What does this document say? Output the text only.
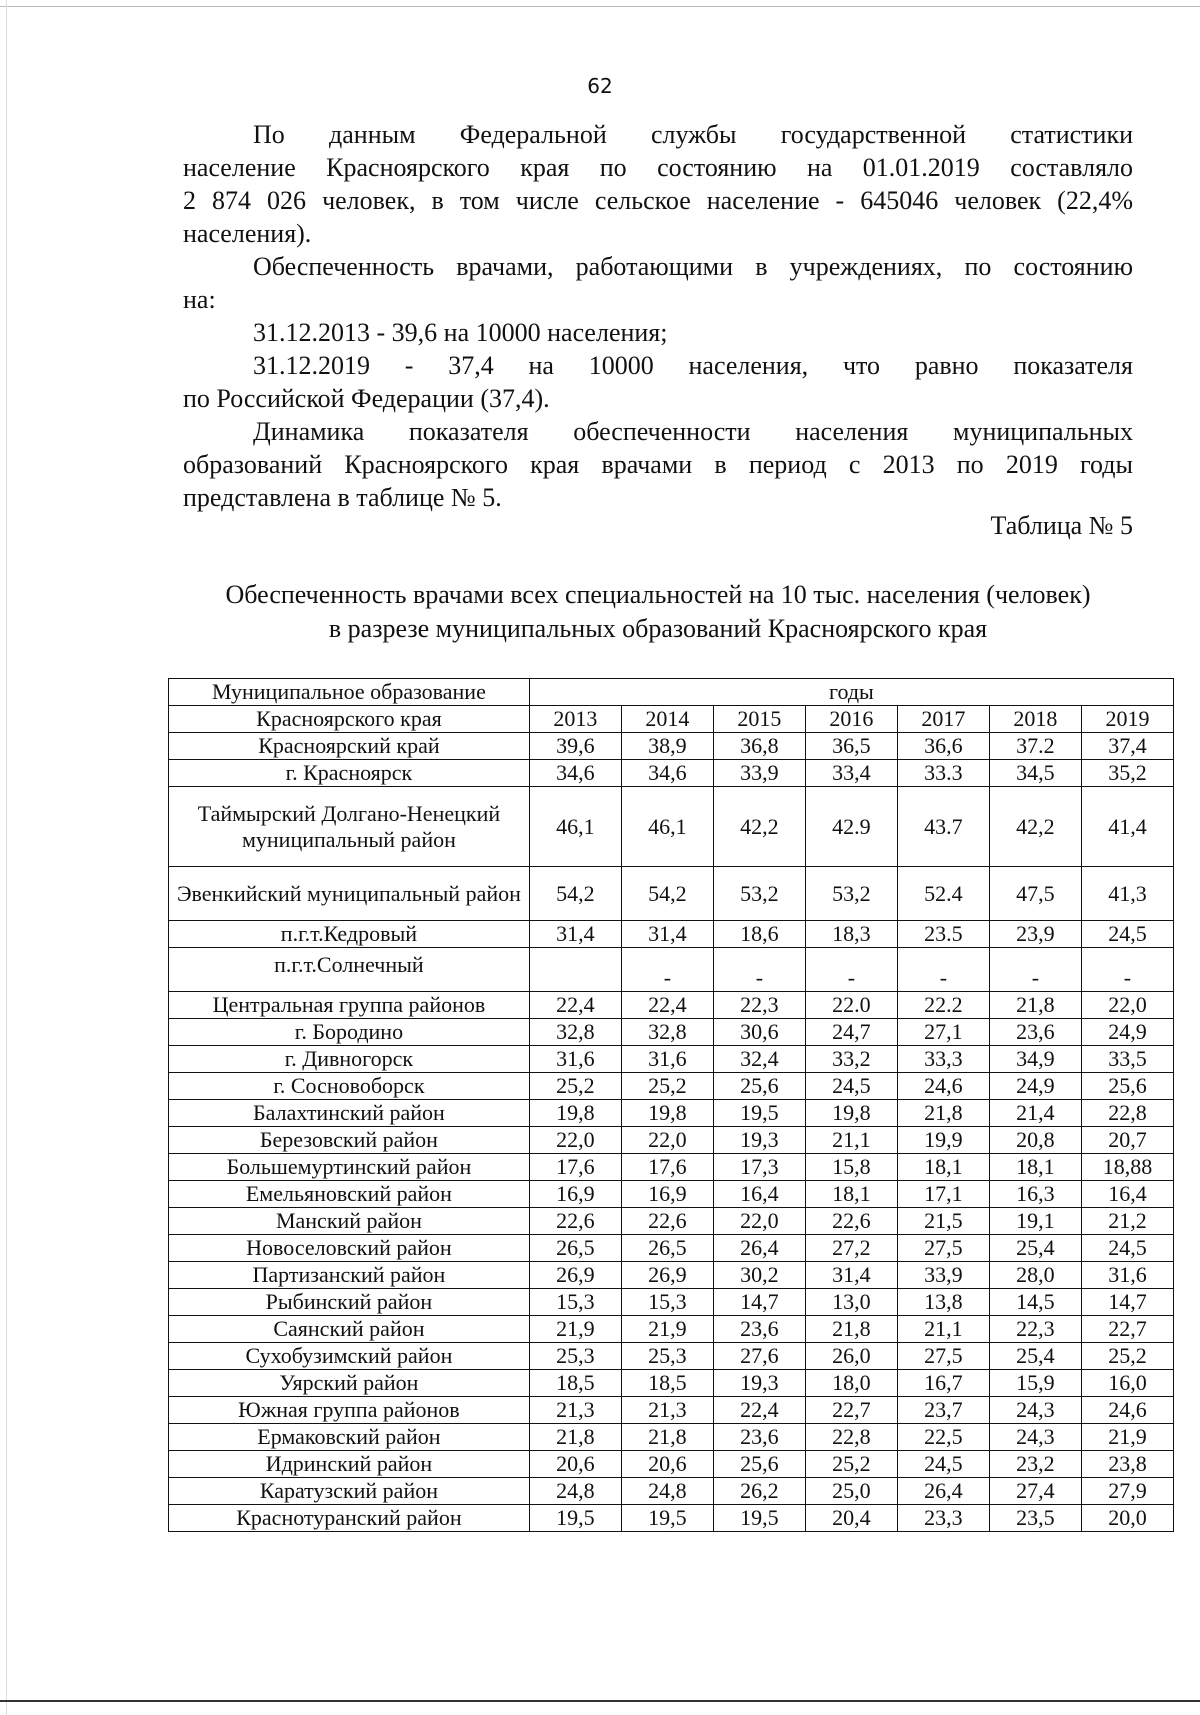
62

По данным Федеральной службы государственной статистики

население Красноярского края по состоянию на 01.01.2019 составляло

2 874 026 человек, в том числе сельское население - 645046 человек (22,4%

населения).

Обеспеченность врачами, работающими в учреждениях, по состоянию

на:

31.12.2013 - 39,6 на 10000 населения;

31.12.2019 - 37,4 на 10000 населения, что равно показателя

по Российской Федерации (37,4).

Динамика показателя обеспеченности населения муниципальных

образований Красноярского края врачами в период с 2013 по 2019 годы

представлена в таблице № 5.

Таблица № 5
Обеспеченность врачами всех специальностей на 10 тыс. населения (человек)
в разрезе муниципальных образований Красноярского края
Муниципальное образование	годы						
Красноярского края	2013	2014	2015	2016	2017	2018	2019
Красноярский край	39,6	38,9	36,8	36,5	36,6	37.2	37,4
г. Красноярск	34,6	34,6	33,9	33,4	33.3	34,5	35,2
Таймырский Долгано-Ненецкий муниципальный район	46,1	46,1	42,2	42.9	43.7	42,2	41,4
Эвенкийский муниципальный район	54,2	54,2	53,2	53,2	52.4	47,5	41,3
п.г.т.Кедровый	31,4	31,4	18,6	18,3	23.5	23,9	24,5
п.г.т.Солнечный		-	-	-	-	-	-
Центральная группа районов	22,4	22,4	22,3	22.0	22.2	21,8	22,0
г. Бородино	32,8	32,8	30,6	24,7	27,1	23,6	24,9
г. Дивногорск	31,6	31,6	32,4	33,2	33,3	34,9	33,5
г. Сосновоборск	25,2	25,2	25,6	24,5	24,6	24,9	25,6
Балахтинский район	19,8	19,8	19,5	19,8	21,8	21,4	22,8
Березовский район	22,0	22,0	19,3	21,1	19,9	20,8	20,7
Большемуртинский район	17,6	17,6	17,3	15,8	18,1	18,1	18,88
Емельяновский район	16,9	16,9	16,4	18,1	17,1	16,3	16,4
Манский район	22,6	22,6	22,0	22,6	21,5	19,1	21,2
Новоселовский район	26,5	26,5	26,4	27,2	27,5	25,4	24,5
Партизанский район	26,9	26,9	30,2	31,4	33,9	28,0	31,6
Рыбинский район	15,3	15,3	14,7	13,0	13,8	14,5	14,7
Саянский район	21,9	21,9	23,6	21,8	21,1	22,3	22,7
Сухобузимский район	25,3	25,3	27,6	26,0	27,5	25,4	25,2
Уярский район	18,5	18,5	19,3	18,0	16,7	15,9	16,0
Южная группа районов	21,3	21,3	22,4	22,7	23,7	24,3	24,6
Ермаковский район	21,8	21,8	23,6	22,8	22,5	24,3	21,9
Идринский район	20,6	20,6	25,6	25,2	24,5	23,2	23,8
Каратузский район	24,8	24,8	26,2	25,0	26,4	27,4	27,9
Краснотуранский район	19,5	19,5	19,5	20,4	23,3	23,5	20,0
